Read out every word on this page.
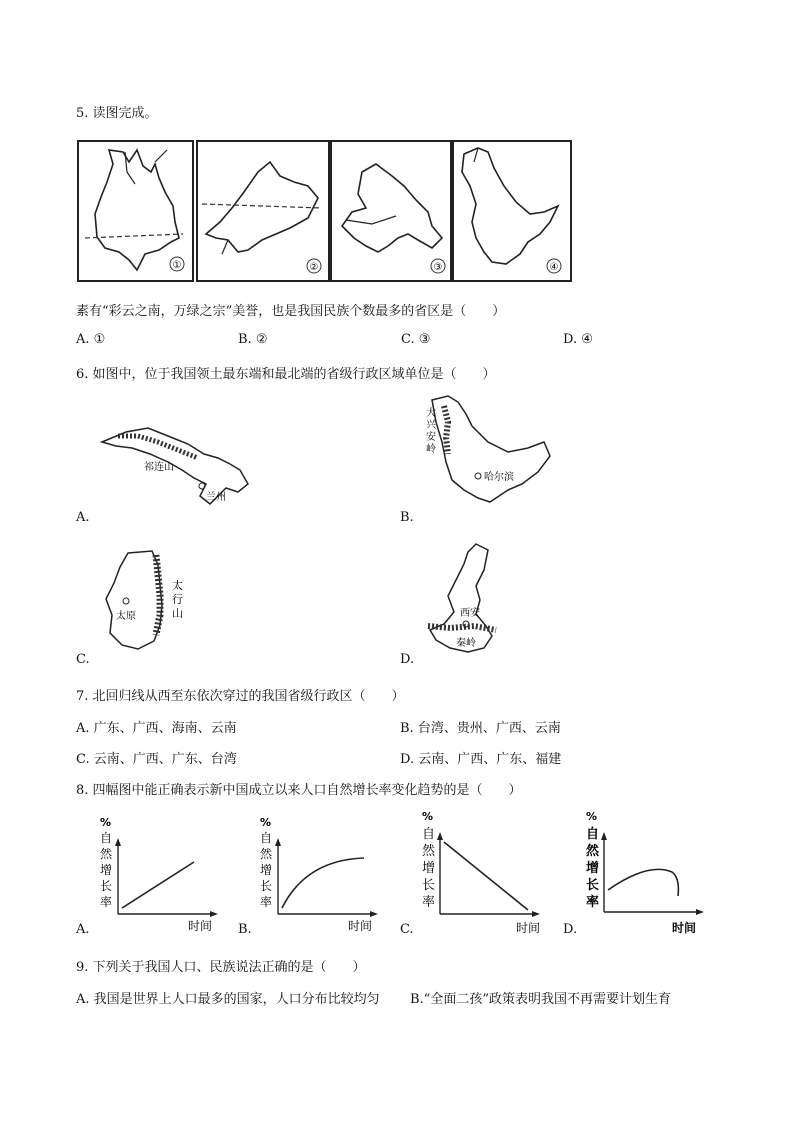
5. 读图完成。
①	②	③	④
素有“彩云之南，万绿之宗”美誉，也是我国民族个数最多的省区是（　　）
A. ①	B. ②	C. ③	D. ④
6. 如图中，位于我国领土最东端和最北端的省级行政区域单位是（　　）
祁连山
兰州
A.
大
兴
安
岭
哈尔滨
B.
太原
太
行
山
C.
西安
秦岭
D.
7. 北回归线从西至东依次穿过的我国省级行政区（　　）
A. 广东、广西、海南、云南	B. 台湾、贵州、广西、云南
C. 云南、广西、广东、台湾	D. 云南、广西、广东、福建
8. 四幅图中能正确表示新中国成立以来人口自然增长率变化趋势的是（　　）
%
自
然
增
长
率
时间
A.
%
自
然
增
长
率
时间
B.
%
自
然
增
长
率
时间
C.
%
自
然
增
长
率
时间
D.
9. 下列关于我国人口、民族说法正确的是（　　）
A. 我国是世界上人口最多的国家，人口分布比较均匀 B.“全面二孩”政策表明我国不再需要计划生育
